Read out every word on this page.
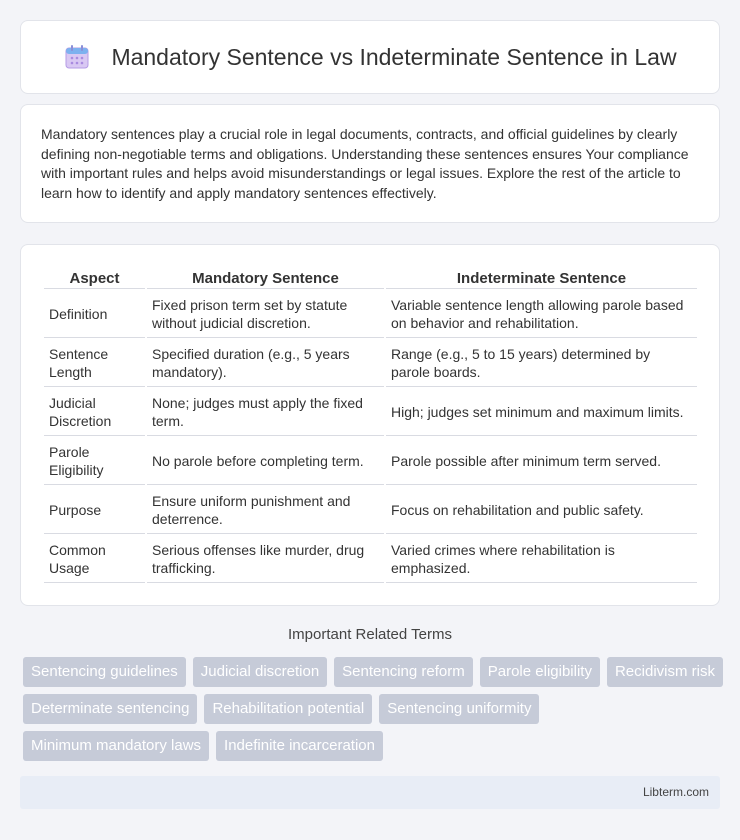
Mandatory Sentence vs Indeterminate Sentence in Law

Mandatory sentences play a crucial role in legal documents, contracts, and official guidelines by clearly defining non-negotiable terms and obligations. Understanding these sentences ensures Your compliance with important rules and helps avoid misunderstandings or legal issues. Explore the rest of the article to learn how to identify and apply mandatory sentences effectively.

Aspect	Mandatory Sentence	Indeterminate Sentence
Definition	Fixed prison term set by statute without judicial discretion.	Variable sentence length allowing parole based on behavior and rehabilitation.
Sentence Length	Specified duration (e.g., 5 years mandatory).	Range (e.g., 5 to 15 years) determined by parole boards.
Judicial Discretion	None; judges must apply the fixed term.	High; judges set minimum and maximum limits.
Parole Eligibility	No parole before completing term.	Parole possible after minimum term served.
Purpose	Ensure uniform punishment and deterrence.	Focus on rehabilitation and public safety.
Common Usage	Serious offenses like murder, drug trafficking.	Varied crimes where rehabilitation is emphasized.
Important Related Terms
Sentencing guidelines	Judicial discretion	Sentencing reform	Parole eligibility	Recidivism risk
Determinate sentencing	Rehabilitation potential	Sentencing uniformity
Minimum mandatory laws	Indefinite incarceration
Libterm.com
